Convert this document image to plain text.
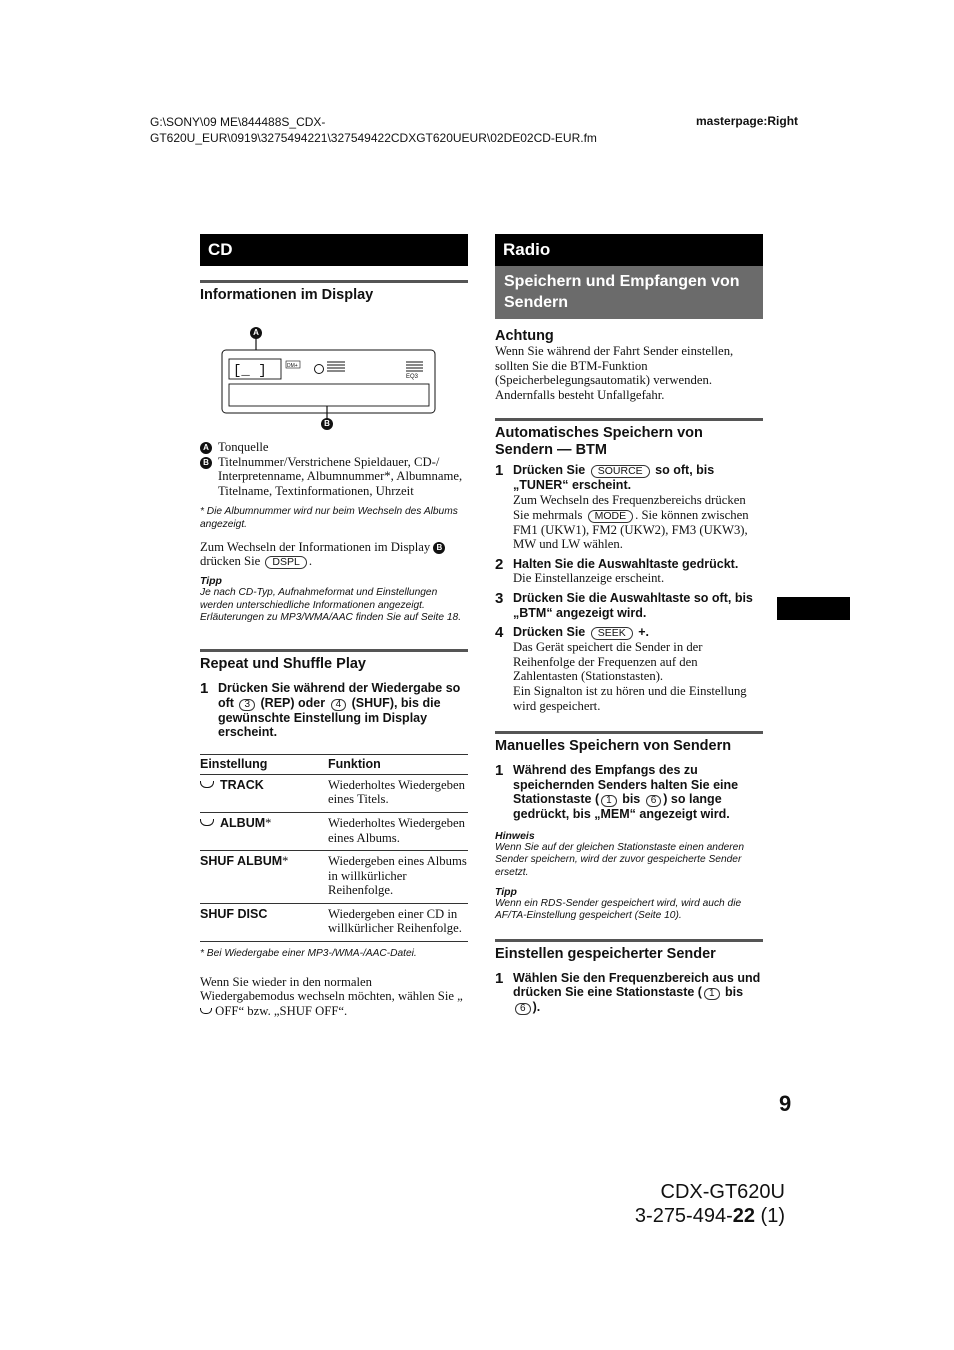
G:\SONY\09 ME\844488S_CDX-
GT620U_EUR\0919\3275494221\327549422CDXGT620UEUR\02DE02CD-EUR.fm
masterpage:Right
CD
Informationen im Display
[_ ]	DM+
EQ3
A
B
A Tonquelle
B Titelnummer/Verstrichene Spieldauer, CD-/ Interpretenname, Albumnummer*, Albumname, Titelname, Textinformationen, Uhrzeit
* Die Albumnummer wird nur beim Wechseln des Albums angezeigt.
Zum Wechseln der Informationen im Display B drücken Sie DSPL .
Tipp
Je nach CD-Typ, Aufnahmeformat und Einstellungen werden unterschiedliche Informationen angezeigt. Erläuterungen zu MP3/WMA/AAC finden Sie auf Seite 18.
Repeat und Shuffle Play
1 Drücken Sie während der Wiedergabe so oft 3 (REP) oder 4 (SHUF), bis die gewünschte Einstellung im Display erscheint.
Einstellung	Funktion
TRACK	Wiederholtes Wiedergeben eines Titels.
ALBUM*	Wiederholtes Wiedergeben eines Albums.
SHUF ALBUM*	Wiedergeben eines Albums in willkürlicher Reihenfolge.
SHUF DISC	Wiedergeben einer CD in willkürlicher Reihenfolge.
* Bei Wiedergabe einer MP3-/WMA-/AAC-Datei.
Wenn Sie wieder in den normalen Wiedergabemodus wechseln möchten, wählen Sie „ OFF“ bzw. „SHUF OFF“.
Radio
Speichern und Empfangen von Sendern
Achtung
Wenn Sie während der Fahrt Sender einstellen, sollten Sie die BTM-Funktion (Speicherbelegungsautomatik) verwenden. Andernfalls besteht Unfallgefahr.
Automatisches Speichern von Sendern — BTM
1 Drücken Sie SOURCE so oft, bis „TUNER“ erscheint.
Zum Wechseln des Frequenzbereichs drücken Sie mehrmals MODE . Sie können zwischen FM1 (UKW1), FM2 (UKW2), FM3 (UKW3), MW und LW wählen.
2 Halten Sie die Auswahltaste gedrückt.
Die Einstellanzeige erscheint.
3 Drücken Sie die Auswahltaste so oft, bis „BTM“ angezeigt wird.
4 Drücken Sie SEEK +.
Das Gerät speichert die Sender in der Reihenfolge der Frequenzen auf den Zahlentasten (Stationstasten).
Ein Signalton ist zu hören und die Einstellung wird gespeichert.
Manuelles Speichern von Sendern
1 Während des Empfangs des zu speichernden Senders halten Sie eine Stationstaste ( 1 bis 6 ) so lange gedrückt, bis „MEM“ angezeigt wird.
Hinweis
Wenn Sie auf der gleichen Stationstaste einen anderen Sender speichern, wird der zuvor gespeicherte Sender ersetzt.
Tipp
Wenn ein RDS-Sender gespeichert wird, wird auch die AF/TA-Einstellung gespeichert (Seite 10).
Einstellen gespeicherter Sender
1 Wählen Sie den Frequenzbereich aus und drücken Sie eine Stationstaste ( 1 bis 6 ).
9
CDX-GT620U
3-275-494-22 (1)
